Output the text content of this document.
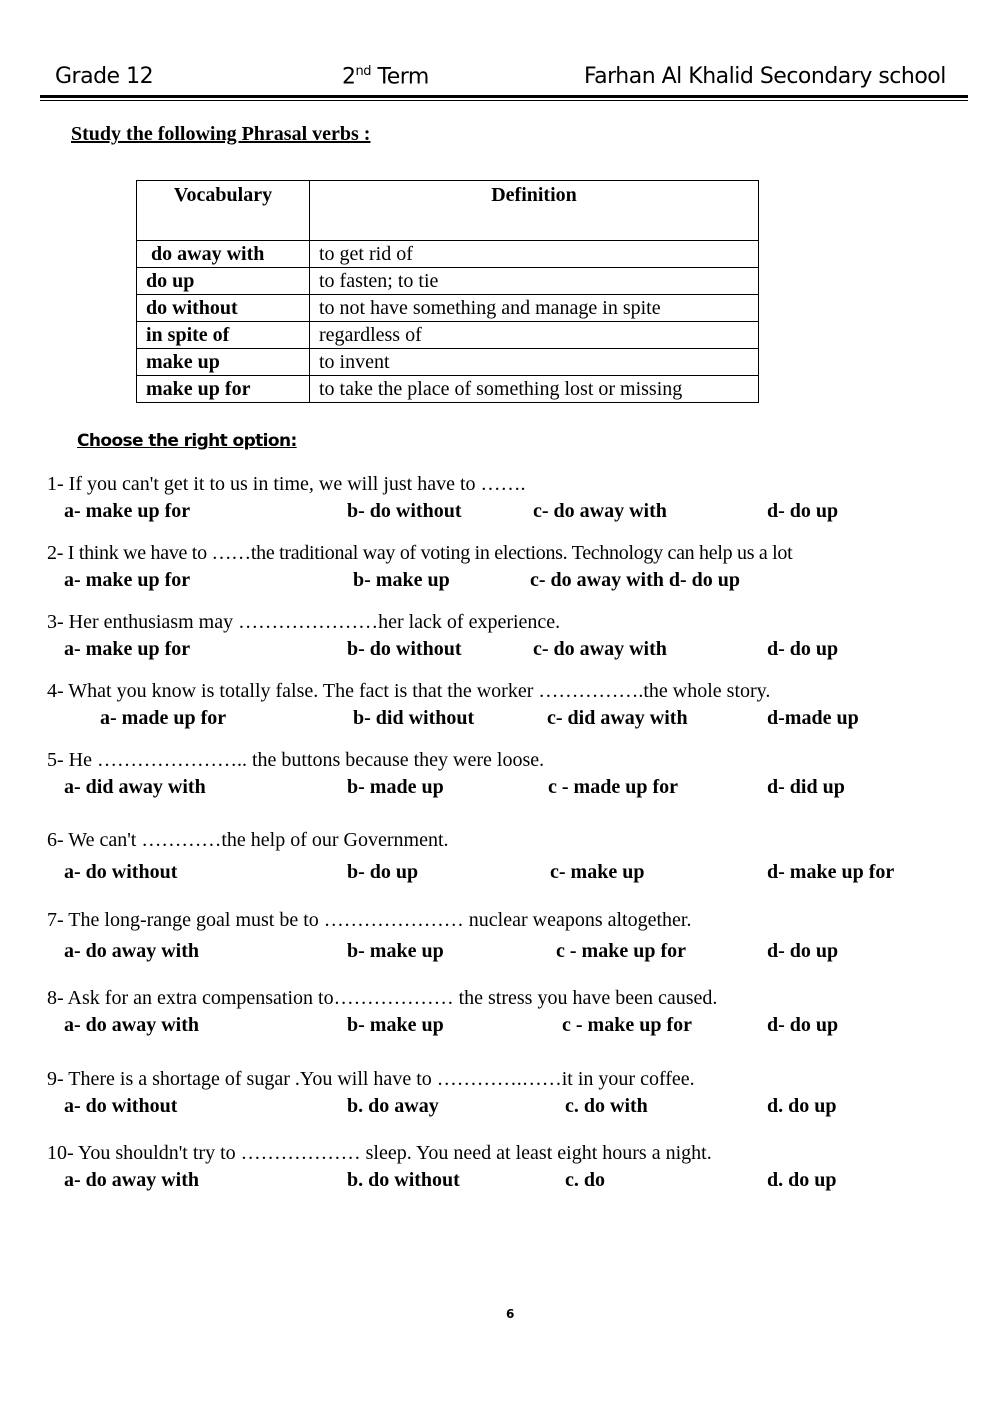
Grade 12	2nd Term	Farhan Al Khalid Secondary school
Study the following Phrasal verbs :
Vocabulary	Definition
do away with	to get rid of
do up	to fasten; to tie
do without	to not have something and manage in spite
in spite of	regardless of
make up	to invent
make up for	to take the place of something lost or missing
Choose the right option:
1- If you can't get it to us in time, we will just have to …….
a- make up for	b- do without	c- do away with	d- do up
2- I think we have to ……the traditional way of voting in elections. Technology can help us a lot
a- make up for	b- make up	c- do away with d- do up
3- Her enthusiasm may …………………her lack of experience.
a- make up for	b- do without	c- do away with	d- do up
4- What you know is totally false. The fact is that the worker …………….the whole story.
a- made up for	b- did without	c- did away with	d-made up
5- He ………………….. the buttons because they were loose.
a- did away with	b- made up	c - made up for	d- did up
6- We can't …………the help of our Government.
a- do without	b- do up	c- make up	d- make up for
7- The long-range goal must be to ………………… nuclear weapons altogether.
a- do away with	b- make up	c - make up for	d- do up
8- Ask for an extra compensation to……………… the stress you have been caused.
a- do away with	b- make up	c - make up for	d- do up
9- There is a shortage of sugar .You will have to ………….……it in your coffee.
a- do without	b. do away	c. do with	d. do up
10- You shouldn't try to ……………… sleep. You need at least eight hours a night.
a- do away with	b. do without	c. do	d. do up
6
